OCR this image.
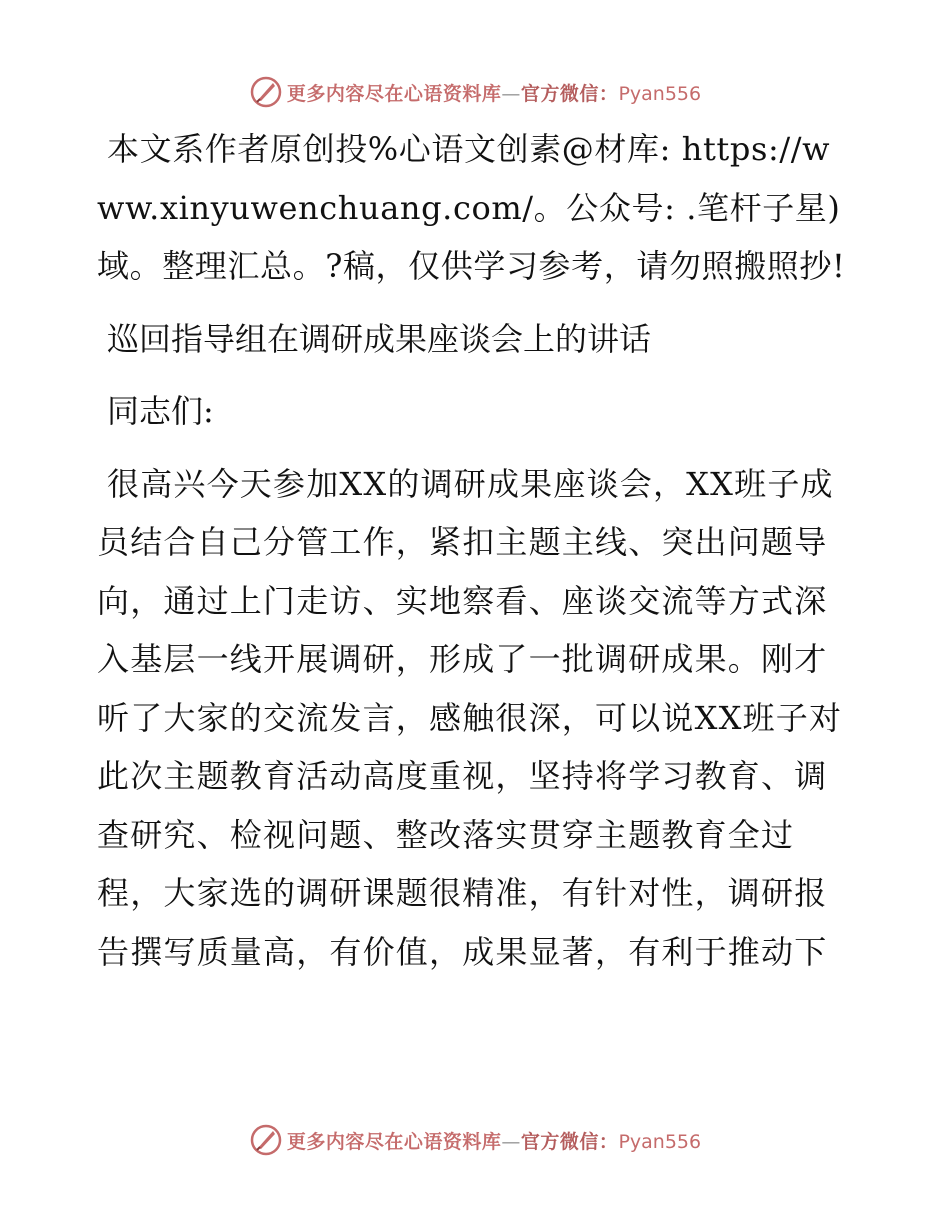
更多内容尽在心语资料库—官方微信：Pyan556

本文系作者原创投%心语文创素@材库: https://www.xinyuwenchuang.com/。公众号: .笔杆子星)域。整理汇总。?稿，仅供学习参考，请勿照搬照抄!

巡回指导组在调研成果座谈会上的讲话

同志们:

很高兴今天参加XX的调研成果座谈会，XX班子成员结合自己分管工作，紧扣主题主线、突出问题导向，通过上门走访、实地察看、座谈交流等方式深入基层一线开展调研，形成了一批调研成果。刚才听了大家的交流发言，感触很深，可以说XX班子对此次主题教育活动高度重视，坚持将学习教育、调查研究、检视问题、整改落实贯穿主题教育全过程，大家选的调研课题很精准，有针对性，调研报告撰写质量高，有价值，成果显著，有利于推动下

更多内容尽在心语资料库—官方微信：Pyan556
